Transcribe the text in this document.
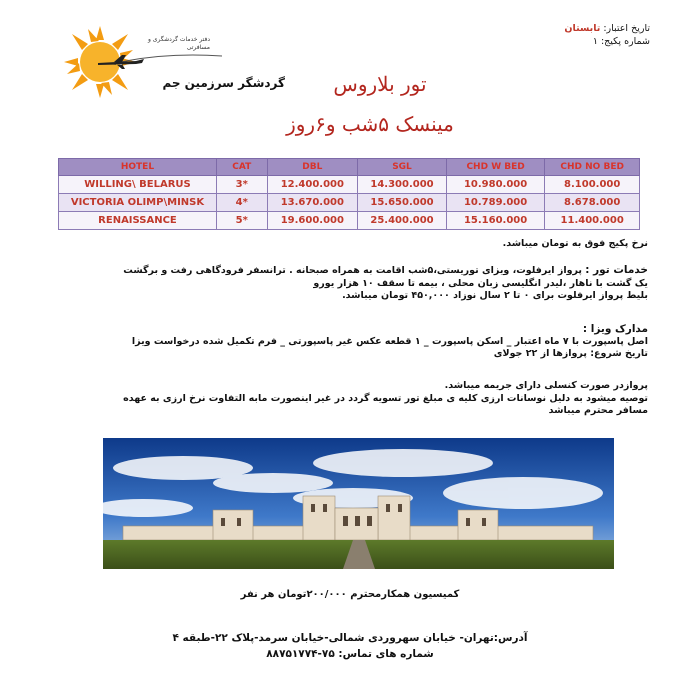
تاریخ اعتبار: تابستان
شماره پکیج: ۱
دفتر خدمات گردشگری و مسافرتی
گردشگر سرزمین جم	تور بلاروس
مینسک ۵شب و۶روز
HOTEL	CAT	DBL	SGL	CHD W BED	CHD NO BED
WILLING\ BELARUS	3*	12.400.000	14.300.000	10.980.000	8.100.000
VICTORIA OLIMP\MINSK	4*	13.670.000	15.650.000	10.789.000	8.678.000
RENAISSANCE	5*	19.600.000	25.400.000	15.160.000	11.400.000
نرخ پکیج فوق به تومان میباشد.
خدمات تور : پرواز ایرفلوت، ویزای توریستی،۵شب اقامت به همراه صبحانه . ترانسفر فرودگاهی رفت و برگشت
یک گشت با ناهار ،لیدر انگلیسی زبان محلی ، بیمه تا سقف ۱۰ هزار یورو
بلیط پرواز ایرفلوت برای ۰ تا ۲ سال نوزاد ۴۵۰,۰۰۰ تومان میباشد.
مدارک ویزا :
اصل پاسپورت با ۷ ماه اعتبار _ اسکن پاسپورت _ ۱ قطعه عکس غیر پاسپورتی _ فرم تکمیل شده درخواست ویزا
تاریخ شروع: پروازها از ۲۲ جولای
پروازدر صورت کنسلی دارای جریمه میباشد.
توصیه میشود به دلیل نوسانات ارزی کلیه ی مبلغ تور تسویه گردد در غیر اینصورت مابه التفاوت نرخ ارزی به عهده
مسافر محترم میباشد
کمیسیون همکارمحترم ۲۰۰/۰۰۰تومان هر نفر
آدرس:تهران- خیابان سهروردی شمالی-خیابان سرمد-پلاک ۲۲-طبقه ۴
شماره های تماس: ۷۵-۸۸۷۵۱۷۷۴
